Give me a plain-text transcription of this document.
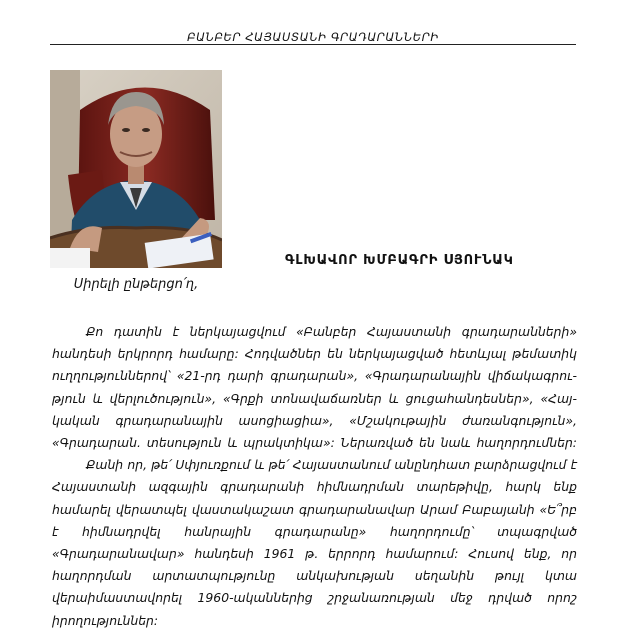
ԲԱՆԲԵՐ ՀԱՅԱՍՏԱՆԻ ԳՐԱԴԱՐԱՆՆԵՐԻ
Սիրելի ընթերցո՛ղ,
ԳԼԽԱՎՈՐ ԽՄԲԱԳՐԻ ՍՅՈՒՆԱԿ

Քո դատին է ներկայացվում «Բանբեր Հայաստանի գրադարանների» հանդեսի երկրորդ համարը: Հոդվածներ են ներկայացված հետևյալ թեմատիկ ուղղություններով՝ «21-րդ դարի գրադարան», «Գրադարանային վիճակագրու- թյուն և վերլուծություն», «Գրքի տոնավաճառներ և ցուցահանդեսներ», «Հայ- կական գրադարանային ասոցիացիա», «Մշակութային ժառանգություն», «Գրադարան. տեսություն և պրակտիկա»: Ներառված են նաև հաղորդումներ:

Քանի որ, թե՛ Սփյուռքում և թե՛ Հայաստանում անընդհատ բարձրացվում է Հայաստանի ազգային գրադարանի հիմնադրման տարեթիվը, հարկ ենք համարել վերատպել վաստակաշատ գրադարանավար Արամ Բաբայանի «Ե՞րբ է հիմնադրվել հանրային գրադարանը» հաղորդումը՝ տպագրված «Գրադարանավար» հանդեսի 1961 թ. երրորդ համարում: Հուսով ենք, որ հաղորդման արտատպությունը անկախության սեղանին թույլ կտա վերաիմաստավորել 1960-ականներից շրջանառության մեջ դրված որոշ իրողություններ:
